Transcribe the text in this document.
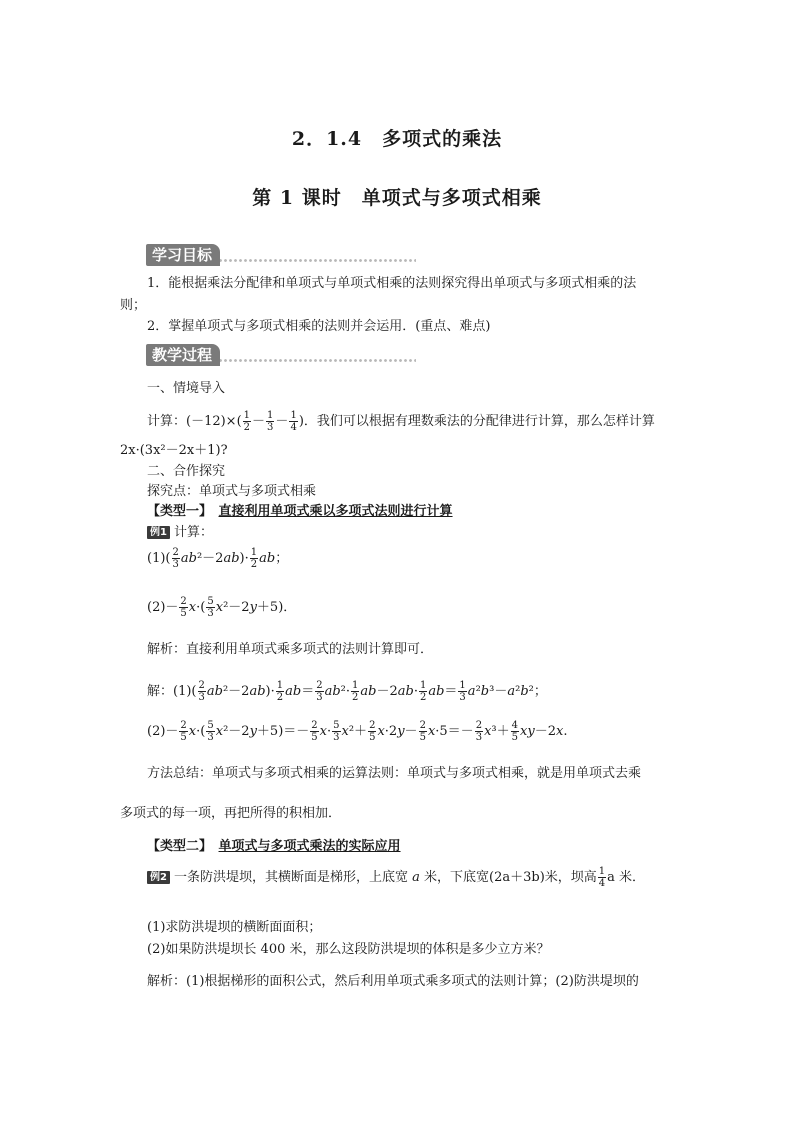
2．1.4　多项式的乘法
第 1 课时　单项式与多项式相乘
学习目标
1．能根据乘法分配律和单项式与单项式相乘的法则探究得出单项式与多项式相乘的法
则；
2．掌握单项式与多项式相乘的法则并会运用．(重点、难点)
教学过程
一、情境导入
计算：$(-12)\times( \frac{1}{2} - \frac{1}{3} - \frac{1}{4}$ )．我们可以根据有理数乘法的分配律进行计算，那么怎样计算
2x·(3x²－2x＋1)?
二、合作探究
探究点：单项式与多项式相乘
【类型一】　 直接利用单项式乘以多项式法则进行计算
例1 计算：
$(1)( \frac{2}{3} ab^2-2ab)\cdot \frac{1}{2}$ ab；
$(2)- \frac{2}{5} x\cdot( \frac{5}{3} x^2-2y+5)$．
解析：直接利用单项式乘多项式的法则计算即可．
解：$(1)( \frac{2}{3} ab^2-2ab)\cdot \frac{1}{2} ab= \frac{2}{3} ab^2\cdot \frac{1}{2} ab-2ab\cdot \frac{1}{2} ab= \frac{1}{3} a^2b^3-a^2b^2$；
$(2)- \frac{2}{5} x\cdot( \frac{5}{3} x^2-2y+5)=- \frac{2}{5} x\cdot \frac{5}{3} x^2+ \frac{2}{5} x\cdot 2y- \frac{2}{5} x\cdot 5=- \frac{2}{3} x^3+ \frac{4}{5} xy-2x$.
方法总结：单项式与多项式相乘的运算法则：单项式与多项式相乘，就是用单项式去乘
多项式的每一项，再把所得的积相加．
【类型二】　 单项式与多项式乘法的实际应用
例2 一条防洪堤坝，其横断面是梯形，上底宽 a 米，下底宽(2a＋3b)米，坝高 $\frac{1}{4}$ a 米．
(1)求防洪堤坝的横断面面积；
(2)如果防洪堤坝长 400 米，那么这段防洪堤坝的体积是多少立方米？
解析：(1)根据梯形的面积公式，然后利用单项式乘多项式的法则计算；(2)防洪堤坝的
